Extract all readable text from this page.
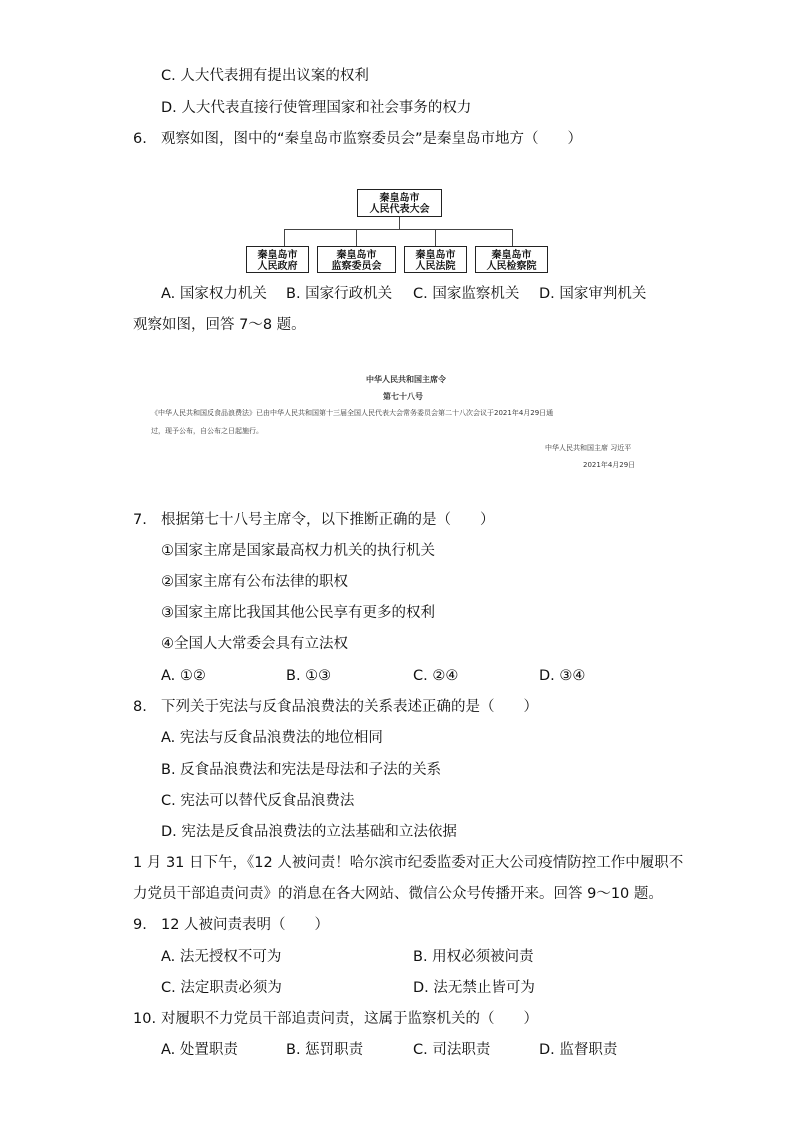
C. 人大代表拥有提出议案的权利
D. 人大代表直接行使管理国家和社会事务的权力
6. 观察如图，图中的“秦皇岛市监察委员会”是秦皇岛市地方（　　）
秦皇岛市
人民代表大会
秦皇岛市
人民政府
秦皇岛市
监察委员会
秦皇岛市
人民法院
秦皇岛市
人民检察院
A. 国家权力机关 B. 国家行政机关 C. 国家监察机关 D. 国家审判机关
观察如图，回答 7～8 题。
中华人民共和国主席令
第七十八号
《中华人民共和国反食品浪费法》已由中华人民共和国第十三届全国人民代表大会常务委员会第二十八次会议于2021年4月29日通
过，现予公布，自公布之日起施行。
中华人民共和国主席 习近平
2021年4月29日
7. 根据第七十八号主席令，以下推断正确的是（　　）
①国家主席是国家最高权力机关的执行机关
②国家主席有公布法律的职权
③国家主席比我国其他公民享有更多的权利
④全国人大常委会具有立法权
A. ①②	B. ①③	C. ②④	D. ③④
8. 下列关于宪法与反食品浪费法的关系表述正确的是（　　）
A. 宪法与反食品浪费法的地位相同
B. 反食品浪费法和宪法是母法和子法的关系
C. 宪法可以替代反食品浪费法
D. 宪法是反食品浪费法的立法基础和立法依据
1 月 31 日下午，《12 人被问责！哈尔滨市纪委监委对正大公司疫情防控工作中履职不
力党员干部追责问责》的消息在各大网站、微信公众号传播开来。回答 9～10 题。
9. 12 人被问责表明（　　）
A. 法无授权不可为	B. 用权必须被问责
C. 法定职责必须为	D. 法无禁止皆可为
10. 对履职不力党员干部追责问责，这属于监察机关的（　　）
A. 处置职责	B. 惩罚职责	C. 司法职责	D. 监督职责
